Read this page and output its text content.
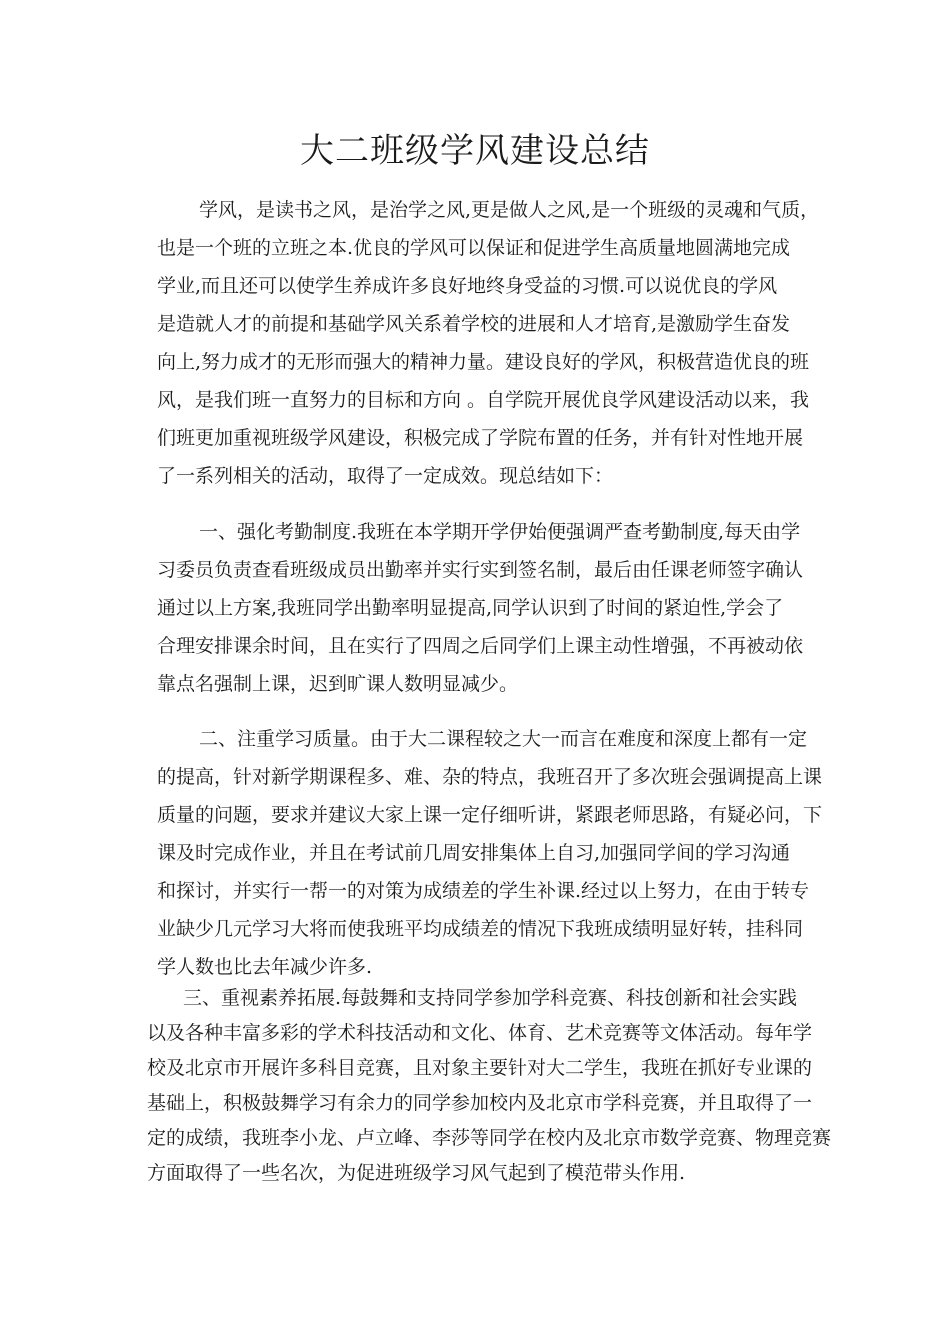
大二班级学风建设总结
学风，是读书之风，是治学之风,更是做人之风,是一个班级的灵魂和气质，
也是一个班的立班之本.优良的学风可以保证和促进学生高质量地圆满地完成
学业,而且还可以使学生养成许多良好地终身受益的习惯.可以说优良的学风
是造就人才的前提和基础学风关系着学校的进展和人才培育,是激励学生奋发
向上,努力成才的无形而强大的精神力量。建设良好的学风，积极营造优良的班
风，是我们班一直努力的目标和方向 。自学院开展优良学风建设活动以来，我
们班更加重视班级学风建设，积极完成了学院布置的任务，并有针对性地开展
了一系列相关的活动，取得了一定成效。现总结如下：
一、强化考勤制度.我班在本学期开学伊始便强调严查考勤制度,每天由学
习委员负责查看班级成员出勤率并实行实到签名制，最后由任课老师签字确认
通过以上方案,我班同学出勤率明显提高,同学认识到了时间的紧迫性,学会了
合理安排课余时间，且在实行了四周之后同学们上课主动性增强，不再被动依
靠点名强制上课，迟到旷课人数明显减少。
二、注重学习质量。由于大二课程较之大一而言在难度和深度上都有一定
的提高，针对新学期课程多、难、杂的特点，我班召开了多次班会强调提高上课
质量的问题，要求并建议大家上课一定仔细听讲，紧跟老师思路，有疑必问，下
课及时完成作业，并且在考试前几周安排集体上自习,加强同学间的学习沟通
和探讨，并实行一帮一的对策为成绩差的学生补课.经过以上努力，在由于转专
业缺少几元学习大将而使我班平均成绩差的情况下我班成绩明显好转，挂科同
学人数也比去年减少许多.
三、重视素养拓展.每鼓舞和支持同学参加学科竞赛、科技创新和社会实践
以及各种丰富多彩的学术科技活动和文化、体育、艺术竞赛等文体活动。每年学
校及北京市开展许多科目竞赛，且对象主要针对大二学生，我班在抓好专业课的
基础上，积极鼓舞学习有余力的同学参加校内及北京市学科竞赛，并且取得了一
定的成绩，我班李小龙、卢立峰、李莎等同学在校内及北京市数学竞赛、物理竞赛
方面取得了一些名次，为促进班级学习风气起到了模范带头作用.
